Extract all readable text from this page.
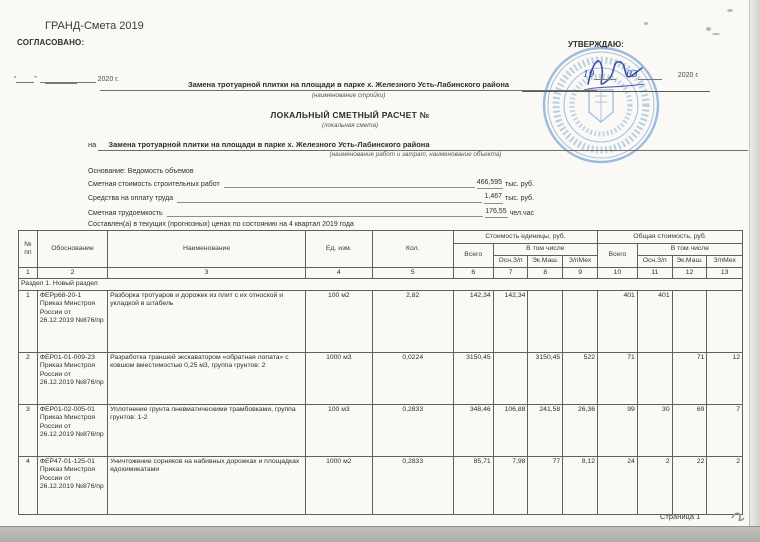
ГРАНД-Смета 2019
СОГЛАСОВАНО:
“	”	2020 г.
УТВЕРЖДАЮ:
19	03	2020 г.
Замена тротуарной плитки на площади в парке х. Железного Усть-Лабинского района
(наименование стройки)
ЛОКАЛЬНЫЙ СМЕТНЫЙ РАСЧЕТ №
(локальная смета)
на Замена тротуарной плитки на площади в парке х. Железного Усть-Лабинского района
(наименование работ и затрат, наименование объекта)
Основание: Ведомость объемов
Сметная стоимость строительных работ	466,595 тыс. руб.
Средства на оплату труда	1,467 тыс. руб.
Сметная трудоемкость	176,55 чел.час
Составлен(а) в текущих (прогнозных) ценах по состоянию на 4 квартал 2019 года
№ пп	Обоснование	Наименование	Ед. изм.	Кол.	Стоимость единицы, руб.				Общая стоимость, руб.			
					Всего	В том числе			Всего	В том числе		
						Осн.З/п	Эк.Маш.	З/пМех		Осн.З/п	Эк.Маш.	З/пМех
1	2	3	4	5	6	7	8	9	10	11	12	13
Раздел 1. Новый раздел												
1	ФЕРр68-20-1 Приказ Минстроя России от 26.12.2019 №876/пр	Разборка тротуаров и дорожек из плит с их отноской и укладкой в штабель	100 м2	2,82	142,34	142,34			401	401		
2	ФЕР01-01-009-23 Приказ Минстроя России от 26.12.2019 №876/пр	Разработка траншей экскаватором «обратная лопата» с ковшом вместимостью 0,25 м3, группа грунтов: 2	1000 м3	0,0224	3150,45		3150,45	522	71		71	12
3	ФЕР01-02-005-01 Приказ Минстроя России от 26.12.2019 №876/пр	Уплотнение грунта пневматическими трамбовками, группа грунтов: 1-2	100 м3	0,2833	348,46	106,88	241,58	26,36	99	30	69	7
4	ФЕР47-01-125-01 Приказ Минстроя России от 26.12.2019 №876/пр	Уничтожение сорняков на набивных дорожках и площадках ядохимикатами	1000 м2	0,2833	85,71	7,98	77	8,12	24	2	22	2
Страница 1
